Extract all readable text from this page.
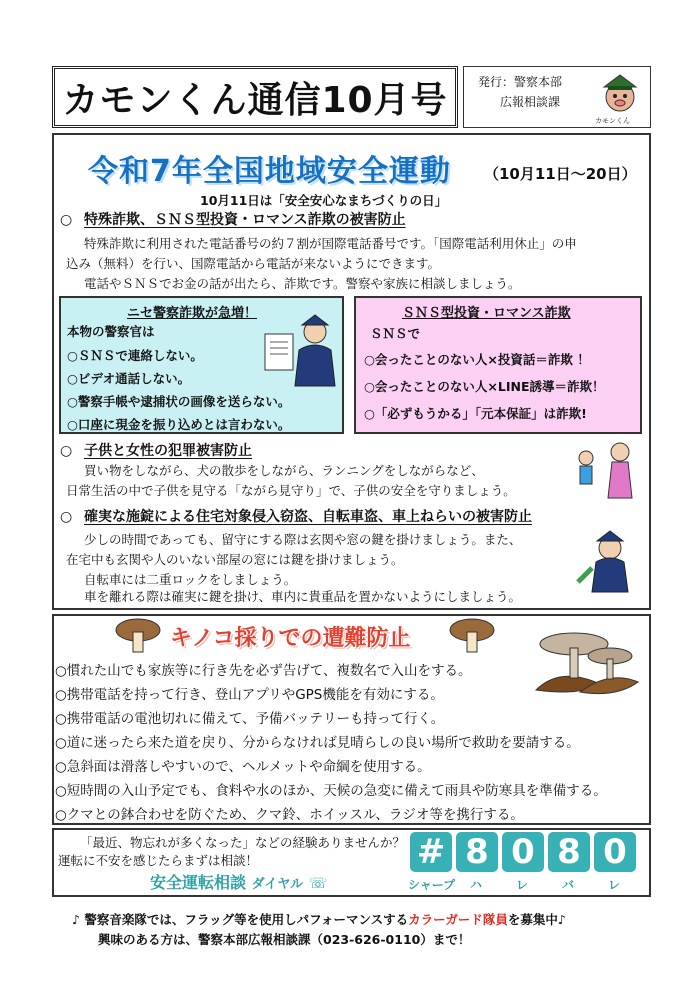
カモンくん通信10月号	発行：警察本部
広報相談課
カモンくん
令和7年全国地域安全運動 （10月11日～20日）
10月11日は「安全安心なまちづくりの日」
○ 特殊詐欺、ＳＮＳ型投資・ロマンス詐欺の被害防止
特殊詐欺に利用された電話番号の約７割が国際電話番号です。「国際電話利用休止」の申
込み（無料）を行い、国際電話から電話が来ないようにできます。
電話やＳＮＳでお金の話が出たら、詐欺です。警察や家族に相談しましょう。
ニセ警察詐欺が急増！
本物の警察官は
○ＳＮＳで連絡しない。
○ビデオ通話しない。
○警察手帳や逮捕状の画像を送らない。
○口座に現金を振り込めとは言わない。
ＳＮＳ型投資・ロマンス詐欺
ＳＮＳで
○会ったことのない人×投資話＝詐欺 ！
○会ったことのない人×LINE誘導＝詐欺！
○「必ずもうかる」「元本保証」は詐欺!
○ 子供と女性の犯罪被害防止
買い物をしながら、犬の散歩をしながら、ランニングをしながらなど、
日常生活の中で子供を見守る「ながら見守り」で、子供の安全を守りましょう。
○ 確実な施錠による住宅対象侵入窃盗、自転車盗、車上ねらいの被害防止
少しの時間であっても、留守にする際は玄関や窓の鍵を掛けましょう。また、
在宅中も玄関や人のいない部屋の窓には鍵を掛けましょう。
自転車には二重ロックをしましょう。
車を離れる際は確実に鍵を掛け、車内に貴重品を置かないようにしましょう。
キノコ採りでの遭難防止
○慣れた山でも家族等に行き先を必ず告げて、複数名で入山をする。
○携帯電話を持って行き、登山アプリやGPS機能を有効にする。
○携帯電話の電池切れに備えて、予備バッテリーも持って行く。
○道に迷ったら来た道を戻り、分からなければ見晴らしの良い場所で救助を要請する。
○急斜面は滑落しやすいので、ヘルメットや命綱を使用する。
○短時間の入山予定でも、食料や水のほか、天候の急変に備えて雨具や防寒具を準備する。
○クマとの鉢合わせを防ぐため、クマ鈴、ホイッスル、ラジオ等を携行する。
「最近、物忘れが多くなった」などの経験ありませんか？
運転に不安を感じたらまずは相談！
安全運転相談 ダイヤル ☏
# 8 0 8
シャープ ハ	レ	バ	レ
♪ 警察音楽隊では、フラッグ等を使用しパフォーマンスするカラーガード隊員を募集中♪
興味のある方は、警察本部広報相談課（023-626-0110）まで！
0
